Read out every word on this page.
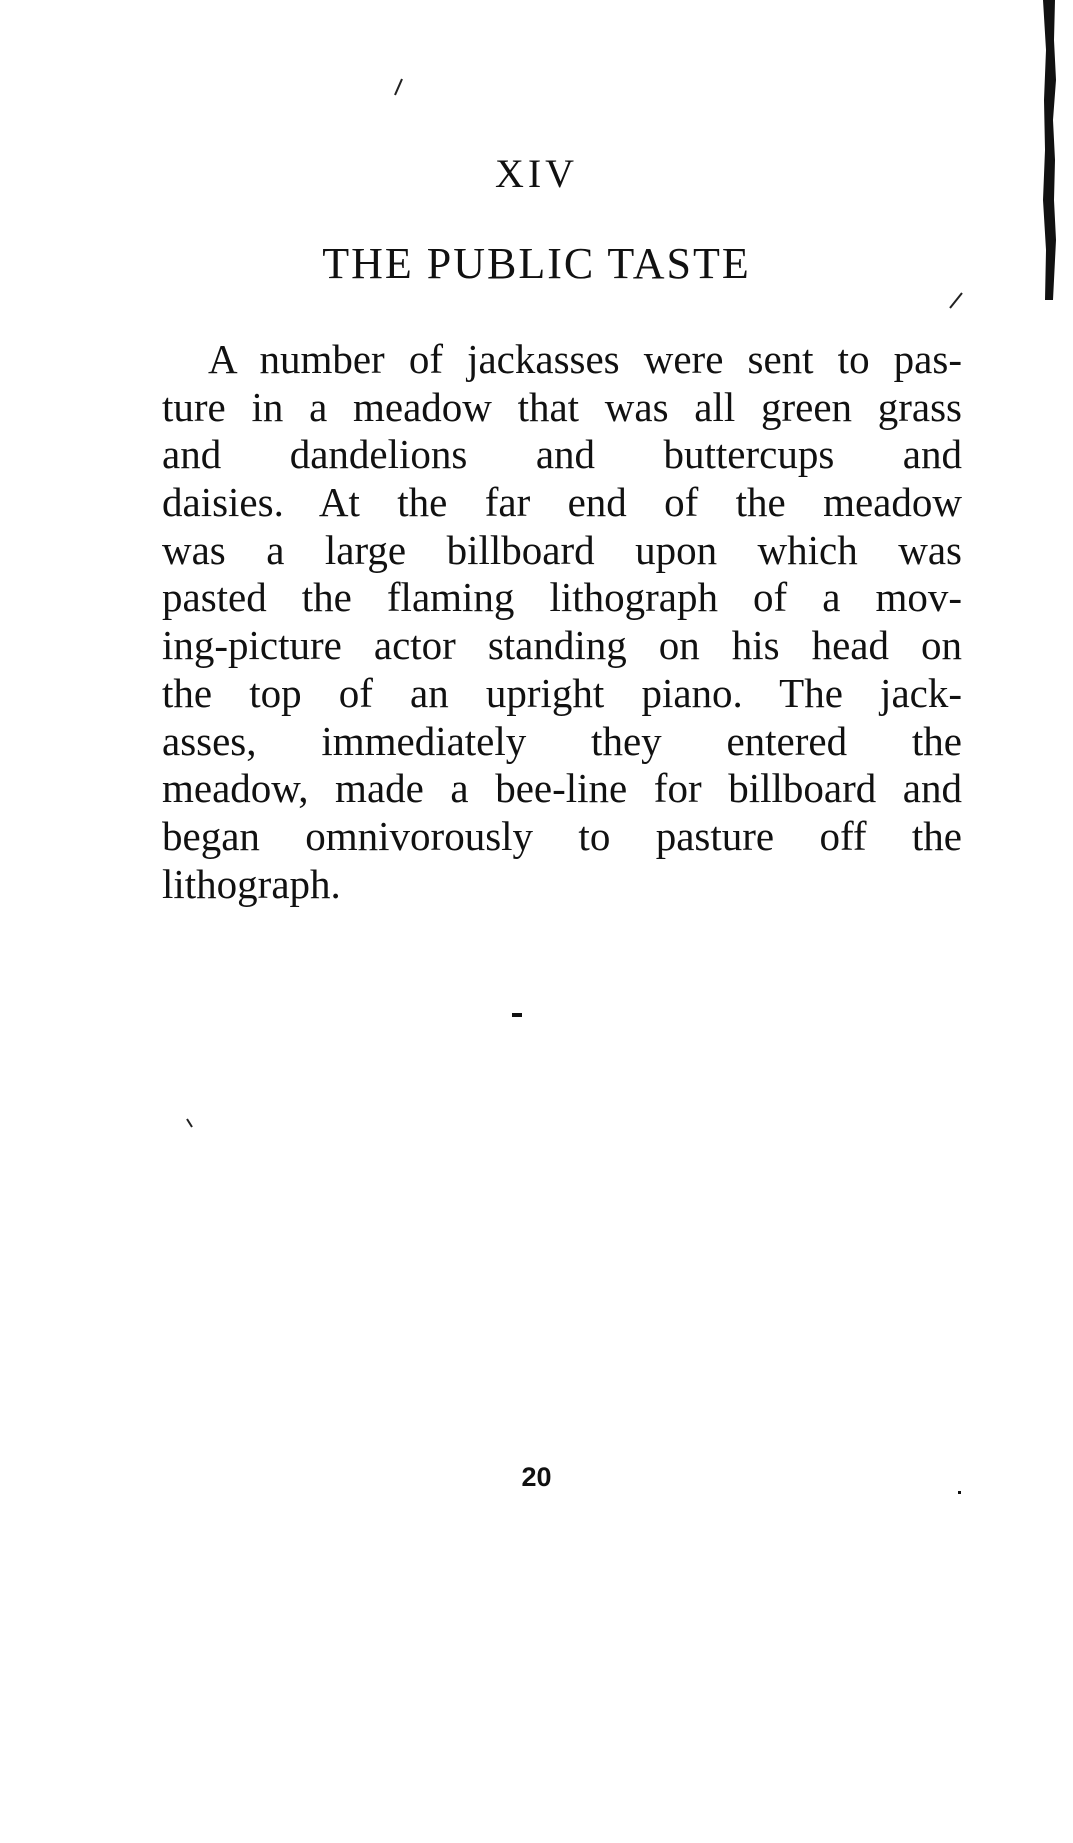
XIV
THE PUBLIC TASTE
A number of jackasses were sent to pas-
ture in a meadow that was all green grass
and dandelions and buttercups and
daisies. At the far end of the meadow
was a large billboard upon which was
pasted the flaming lithograph of a mov-
ing-picture actor standing on his head on
the top of an upright piano. The jack-
asses, immediately they entered the
meadow, made a bee-line for billboard and
began omnivorously to pasture off the
lithograph.
20
